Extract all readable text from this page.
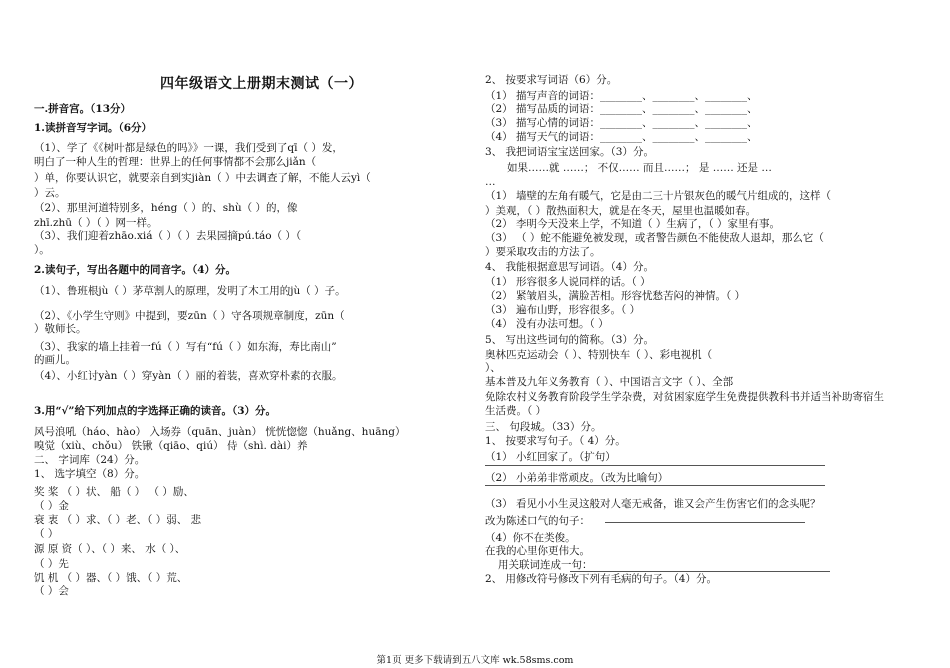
四年级语文上册期末测试（一）
一.拼音宫。（13分）
1.读拼音写字词。（6分）
（1）、学了《《树叶都是绿色的吗》》一课，我们受到了qī（ ）发，
明白了一种人生的哲理：世界上的任何事情都不会那么jiǎn（
）单，你要认识它，就要亲自到实jiàn（ ）中去调查了解，不能人云yì（
）云。
（2）、那里河道特别多，héng（ ）的、shù（ ）的，像
zhī.zhū（ ）（ ）网一样。
（3）、我们迎着zhāo.xiá（ ）（ ）去果园摘pú.táo（ ）（
）。
2.读句子，写出各题中的同音字。（4）分。
（1）、鲁班根jù（ ）茅草割人的原理，发明了木工用的jù（ ）子。
（2）、《小学生守则》中提到，要zūn（ ）守各项规章制度，zūn（
）敬师长。
（3）、我家的墙上挂着一fú（ ）写有“fú（ ）如东海，寿比南山”
的画儿。
（4）、小红讨yàn（ ）穿yàn（ ）丽的着装，喜欢穿朴素的衣服。
3.用“√”给下列加点的字选择正确的读音。（3）分。
风号浪吼（háo、hào） 入场券（quān、juàn） 恍恍惚惚（huǎng、huāng）
嗅觉（xiù、chǒu） 铁锹（qiāo、qiú） 侍（shì. dài）养
二、 字词库（24）分。
1、 选字填空（8）分。
奖 桨 （ ）状、 船（ ） （ ）励、
（ ）金
衰 衷 （ ）求、（ ）老、（ ）弱、 悲
（ ）
源 原 资（ ）、（ ）来、 水（ ）、
（ ）先
饥 机 （ ）器、（ ）饿、（ ）荒、
（ ）会
2、 按要求写词语（6）分。
（1） 描写声音的词语：________、________、________、
（2） 描写品质的词语：________、________、________、
（3） 描写心情的词语：________、________、________、
（4） 描写天气的词语：________、________、________、
3、 我把词语宝宝送回家。（3）分。
如果……就 ……； 不仅…… 而且……； 是 …… 还是 …
…
（1） 墙壁的左角有暖气，它是由二三十片银灰色的暖气片组成的，这样（
）美观，（ ）散热面积大，就是在冬天，屋里也温暖如春。
（2） 李明今天没来上学，不知道（ ）生病了，（ ）家里有事。
（3） （ ）蛇不能避免被发现，或者警告颜色不能使敌人退却，那么它（
）要采取攻击的方法了。
4、 我能根据意思写词语。（4）分。
（1） 形容很多人说同样的话。（ ）
（2） 紧皱眉头，满脸苦相。形容忧愁苦闷的神情。（ ）
（3） 遍布山野，形容很多。（ ）
（4） 没有办法可想。（ ）
5、 写出这些词句的简称。（3）分。
奥林匹克运动会（ ）、特别快车（ ）、彩电视机（
）、
基本普及九年义务教育（ ）、中国语言文字（ ）、全部
免除农村义务教育阶段学生学杂费，对贫困家庭学生免费提供教科书并适当补助寄宿生
生活费。（ ）
三、 句段城。（33）分。
1、 按要求写句子。（ 4）分。
（1） 小红回家了。（扩句）
（2） 小弟弟非常顽皮。（改为比喻句）
（3） 看见小小生灵这般对人毫无戒备，谁又会产生伤害它们的念头呢？
改为陈述口气的句子：
（4）你不在类俊。
在我的心里你更伟大。
用关联词连成一句：
2、 用修改符号修改下列有毛病的句子。（4）分。
第1页 更多下载请到五八文库 wk.58sms.com
